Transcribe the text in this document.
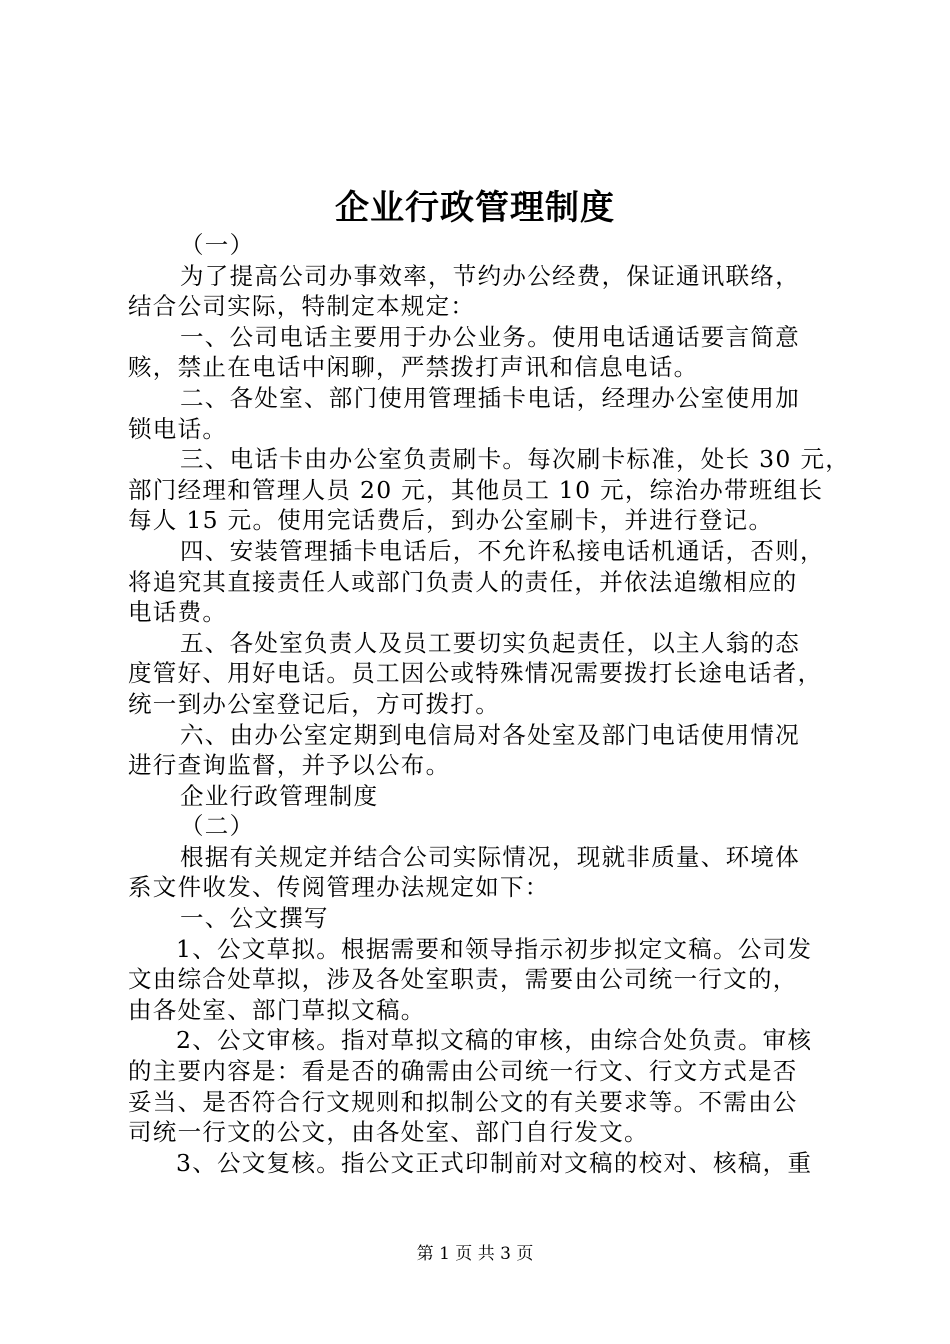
企业行政管理制度
（一）
为了提高公司办事效率，节约办公经费，保证通讯联络，
结合公司实际，特制定本规定：
一、公司电话主要用于办公业务。使用电话通话要言简意
赅，禁止在电话中闲聊，严禁拨打声讯和信息电话。
二、各处室、部门使用管理插卡电话，经理办公室使用加
锁电话。
三、电话卡由办公室负责刷卡。每次刷卡标准，处长 30 元，
部门经理和管理人员 20 元，其他员工 10 元，综治办带班组长
每人 15 元。使用完话费后，到办公室刷卡，并进行登记。
四、安装管理插卡电话后，不允许私接电话机通话，否则，
将追究其直接责任人或部门负责人的责任，并依法追缴相应的
电话费。
五、各处室负责人及员工要切实负起责任，以主人翁的态
度管好、用好电话。员工因公或特殊情况需要拨打长途电话者，
统一到办公室登记后，方可拨打。
六、由办公室定期到电信局对各处室及部门电话使用情况
进行查询监督，并予以公布。
企业行政管理制度
（二）
根据有关规定并结合公司实际情况，现就非质量、环境体
系文件收发、传阅管理办法规定如下：
一、公文撰写
1、公文草拟。根据需要和领导指示初步拟定文稿。公司发
文由综合处草拟，涉及各处室职责，需要由公司统一行文的，
由各处室、部门草拟文稿。
2、公文审核。指对草拟文稿的审核，由综合处负责。审核
的主要内容是：看是否的确需由公司统一行文、行文方式是否
妥当、是否符合行文规则和拟制公文的有关要求等。不需由公
司统一行文的公文，由各处室、部门自行发文。
3、公文复核。指公文正式印制前对文稿的校对、核稿，重
第 1 页 共 3 页
